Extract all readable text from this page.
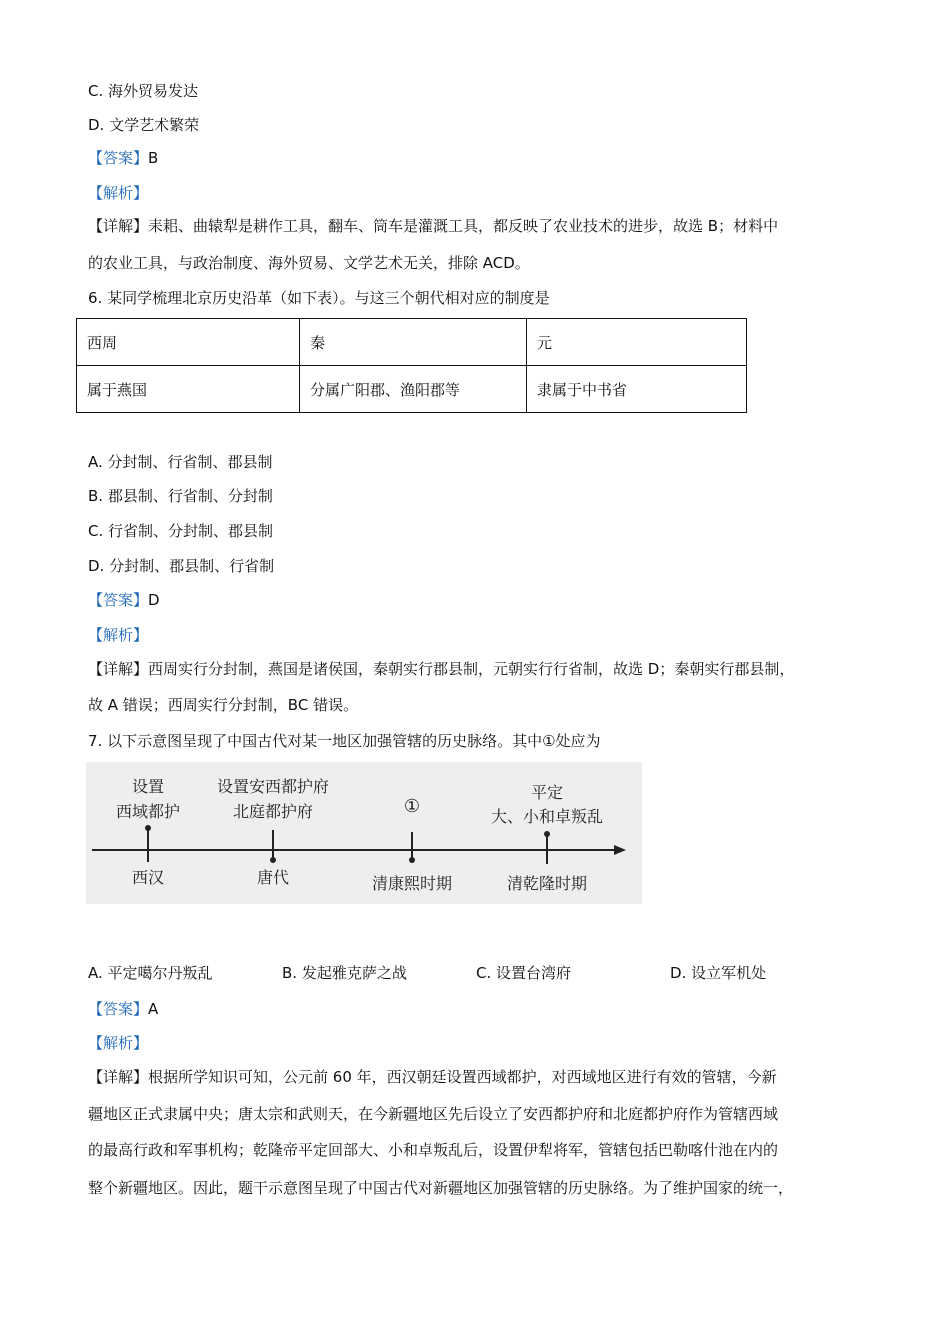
C. 海外贸易发达
D. 文学艺术繁荣
【答案】B
【解析】
【详解】耒耜、曲辕犁是耕作工具，翻车、筒车是灌溉工具，都反映了农业技术的进步，故选 B；材料中
的农业工具，与政治制度、海外贸易、文学艺术无关，排除 ACD。
6. 某同学梳理北京历史沿革（如下表）。与这三个朝代相对应的制度是
西周	秦	元
属于燕国	分属广阳郡、渔阳郡等	隶属于中书省
A. 分封制、行省制、郡县制
B. 郡县制、行省制、分封制
C. 行省制、分封制、郡县制
D. 分封制、郡县制、行省制
【答案】D
【解析】
【详解】西周实行分封制，燕国是诸侯国，秦朝实行郡县制，元朝实行行省制，故选 D；秦朝实行郡县制，
故 A 错误；西周实行分封制，BC 错误。
7. 以下示意图呈现了中国古代对某一地区加强管辖的历史脉络。其中①处应为
设置
西域都护
西汉
设置安西都护府
北庭都护府
唐代
①
清康熙时期
平定
大、小和卓叛乱
清乾隆时期
A. 平定噶尔丹叛乱	B. 发起雅克萨之战	C. 设置台湾府	D. 设立军机处
【答案】A
【解析】
【详解】根据所学知识可知，公元前 60 年，西汉朝廷设置西域都护，对西域地区进行有效的管辖，今新
疆地区正式隶属中央；唐太宗和武则天，在今新疆地区先后设立了安西都护府和北庭都护府作为管辖西域
的最高行政和军事机构；乾隆帝平定回部大、小和卓叛乱后，设置伊犁将军，管辖包括巴勒喀什池在内的
整个新疆地区。因此，题干示意图呈现了中国古代对新疆地区加强管辖的历史脉络。为了维护国家的统一，
